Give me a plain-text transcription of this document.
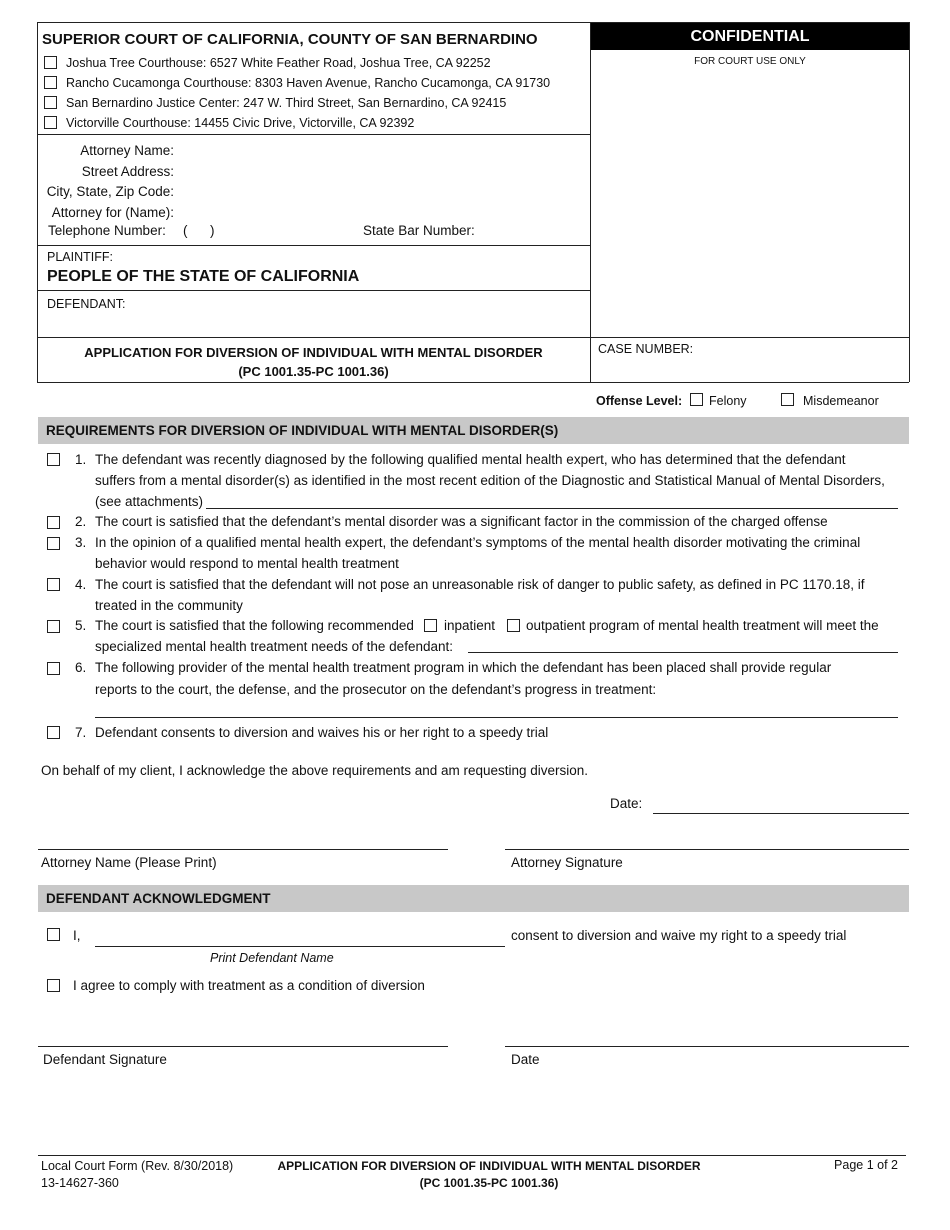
SUPERIOR COURT OF CALIFORNIA, COUNTY OF SAN BERNARDINO
Joshua Tree Courthouse: 6527 White Feather Road, Joshua Tree, CA 92252
Rancho Cucamonga Courthouse: 8303 Haven Avenue, Rancho Cucamonga, CA 91730
San Bernardino Justice Center: 247 W. Third Street, San Bernardino, CA 92415
Victorville Courthouse: 14455 Civic Drive, Victorville, CA 92392
CONFIDENTIAL
FOR COURT USE ONLY
Attorney Name:
Street Address:
City, State, Zip Code:
Attorney for (Name):
Telephone Number: (      )	State Bar Number:
PLAINTIFF:
PEOPLE OF THE STATE OF CALIFORNIA
DEFENDANT:
APPLICATION FOR DIVERSION OF INDIVIDUAL WITH MENTAL DISORDER
(PC 1001.35-PC 1001.36)
CASE NUMBER:
Offense Level: Felony	Misdemeanor
REQUIREMENTS FOR DIVERSION OF INDIVIDUAL WITH MENTAL DISORDER(S)
1. The defendant was recently diagnosed by the following qualified mental health expert, who has determined that the defendant
suffers from a mental disorder(s) as identified in the most recent edition of the Diagnostic and Statistical Manual of Mental Disorders,
(see attachments)
2. The court is satisfied that the defendant’s mental disorder was a significant factor in the commission of the charged offense
3. In the opinion of a qualified mental health expert, the defendant’s symptoms of the mental health disorder motivating the criminal
behavior would respond to mental health treatment
4. The court is satisfied that the defendant will not pose an unreasonable risk of danger to public safety, as defined in PC 1170.18, if
treated in the community
5. The court is satisfied that the following recommended inpatient outpatient program of mental health treatment will meet the
specialized mental health treatment needs of the defendant:
6. The following provider of the mental health treatment program in which the defendant has been placed shall provide regular
reports to the court, the defense, and the prosecutor on the defendant’s progress in treatment:
7. Defendant consents to diversion and waives his or her right to a speedy trial
On behalf of my client, I acknowledge the above requirements and am requesting diversion.
Date:
Attorney Name (Please Print)	Attorney Signature
DEFENDANT ACKNOWLEDGMENT
I,	consent to diversion and waive my right to a speedy trial
Print Defendant Name
I agree to comply with treatment as a condition of diversion
Defendant Signature	Date
Local Court Form (Rev. 8/30/2018)
13-14627-360
APPLICATION FOR DIVERSION OF INDIVIDUAL WITH MENTAL DISORDER
(PC 1001.35-PC 1001.36)
Page 1 of 2
